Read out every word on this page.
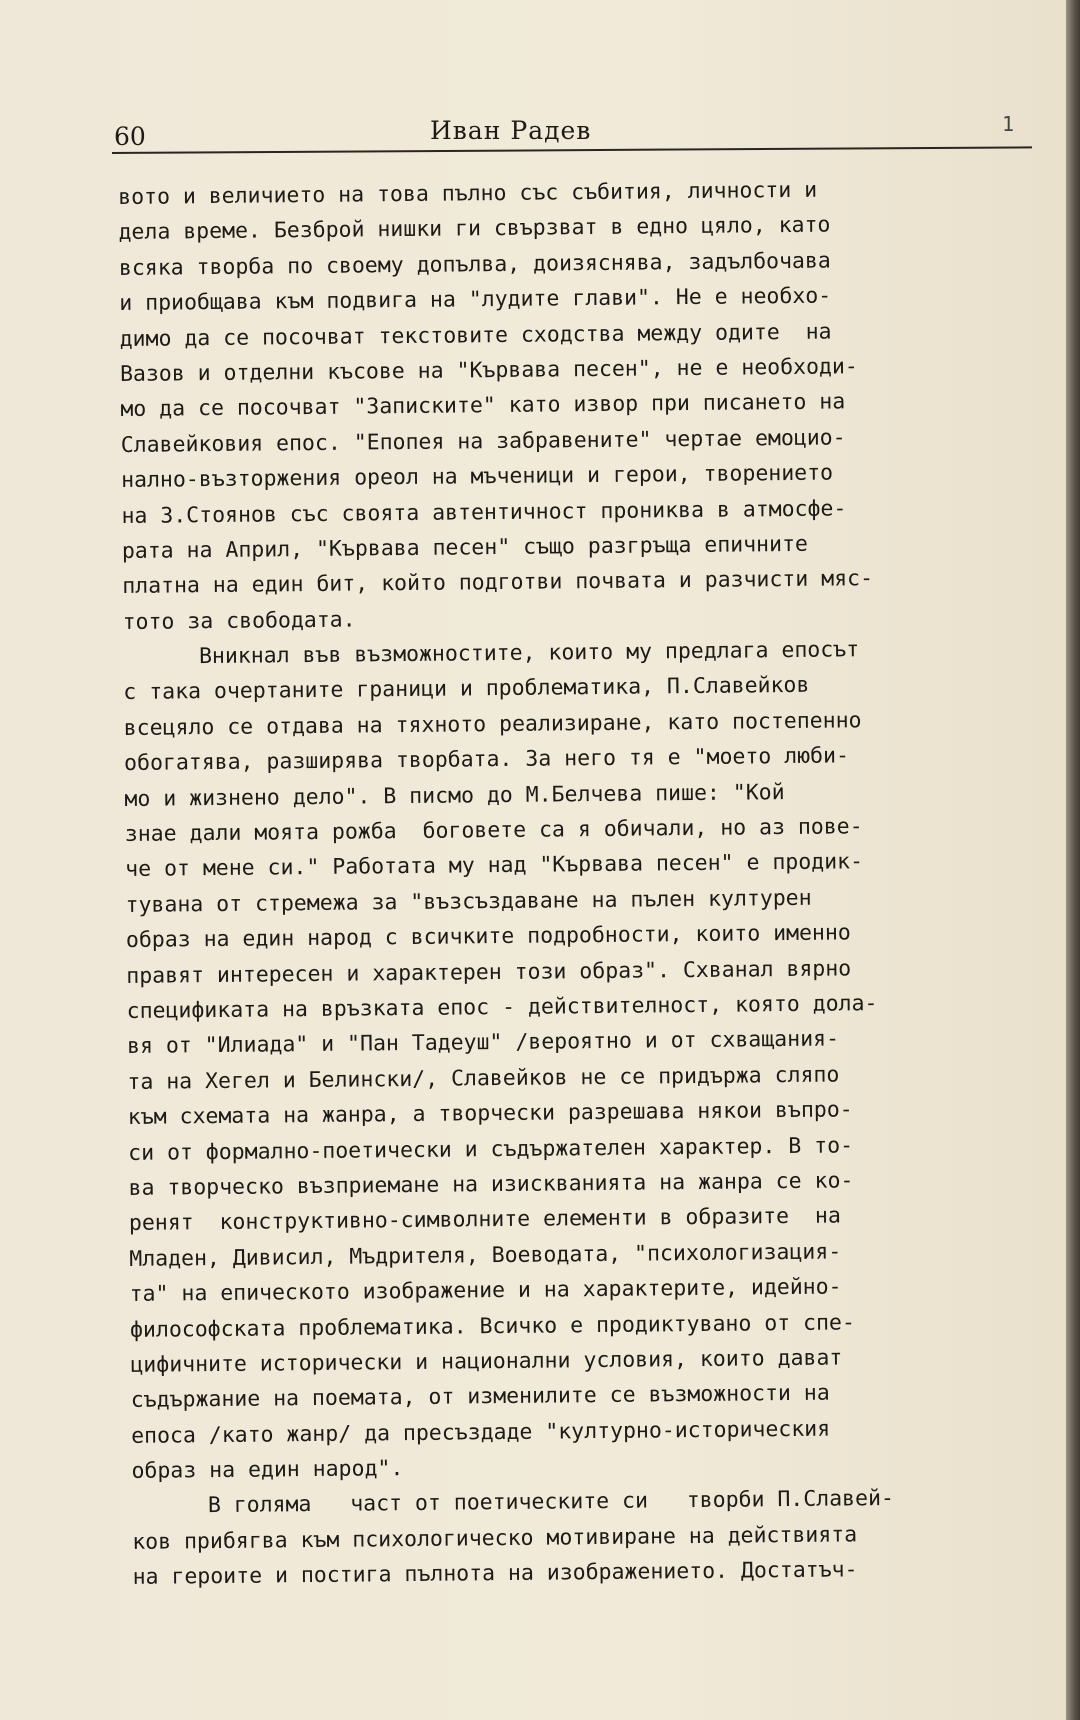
60	Иван Радев	1
вото и величието на това пълно със събития, личности и
дела време. Безброй нишки ги свързват в едно цяло, като
всяка творба по своему допълва, доизяснява, задълбочава
и приобщава към подвига на "лудите глави". Не е необхо-
димо да се посочват текстовите сходства между одите  на
Вазов и отделни късове на "Кървава песен", не е необходи-
мо да се посочват "Записките" като извор при писането на
Славейковия епос. "Епопея на забравените" чертае емоцио-
нално-възторжения ореол на мъченици и герои, творението
на З.Стоянов със своята автентичност прониква в атмосфе-
рата на Април, "Кървава песен" също разгръща епичните
платна на един бит, който подготви почвата и разчисти мяс-
тото за свободата.
Вникнал във възможностите, които му предлага епосът
с така очертаните граници и проблематика, П.Славейков
всецяло се отдава на тяхното реализиране, като постепенно
обогатява, разширява творбата. За него тя е "моето люби-
мо и жизнено дело". В писмо до М.Белчева пише: "Кой
знае дали моята рожба  боговете са я обичали, но аз пове-
че от мене си." Работата му над "Кървава песен" е продик-
тувана от стремежа за "възсъздаване на пълен културен
образ на един народ с всичките подробности, които именно
правят интересен и характерен този образ". Схванал вярно
спецификата на връзката епос - действителност, която дола-
вя от "Илиада" и "Пан Тадеуш" /вероятно и от схващания-
та на Хегел и Белински/, Славейков не се придържа сляпо
към схемата на жанра, а творчески разрешава някои въпро-
си от формално-поетически и съдържателен характер. В то-
ва творческо възприемане на изискванията на жанра се ко-
ренят  конструктивно-символните елементи в образите  на
Младен, Дивисил, Мъдрителя, Воеводата, "психологизация-
та" на епическото изображение и на характерите, идейно-
философската проблематика. Всичко е продиктувано от спе-
цифичните исторически и национални условия, които дават
съдържание на поемата, от изменилите се възможности на
епоса /като жанр/ да пресъздаде "културно-историческия
образ на един народ".
В голяма   част от поетическите си   творби П.Славей-
ков прибягва към психологическо мотивиране на действията
на героите и постига пълнота на изображението. Достатъч-
